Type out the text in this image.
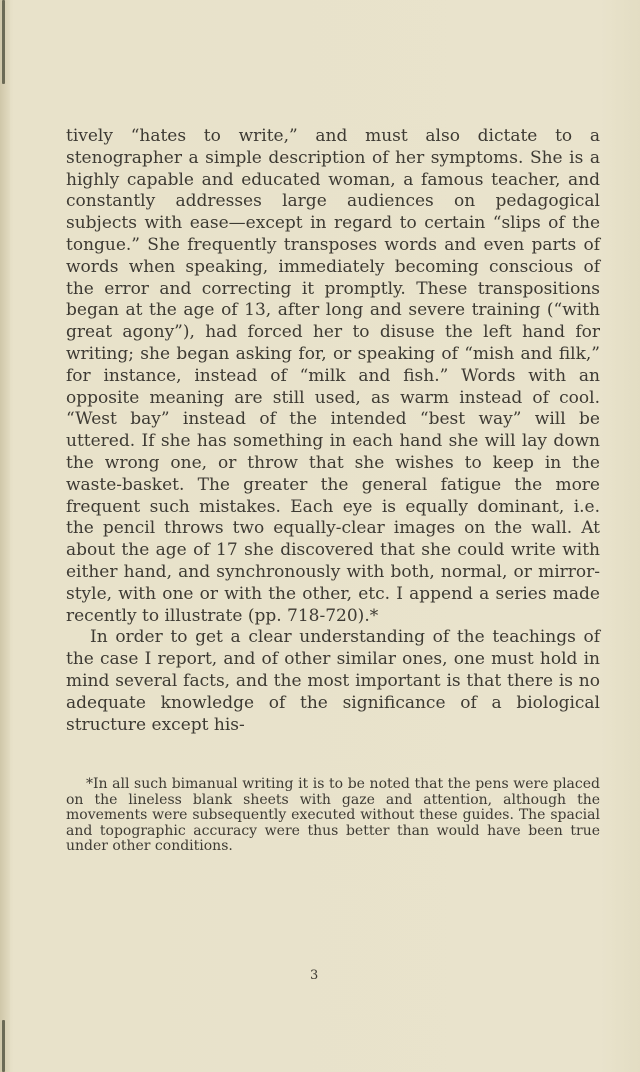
tively “hates to write,” and must also dictate to a stenographer a simple description of her symptoms. She is a highly capable and educated woman, a famous teacher, and constantly addresses large audiences on pedagogical subjects with ease—except in regard to certain “slips of the tongue.” She frequently transposes words and even parts of words when speaking, immediately becoming conscious of the error and correcting it promptly. These transpositions began at the age of 13, after long and severe training (“with great agony”), had forced her to disuse the left hand for writing; she began asking for, or speaking of “mish and filk,” for instance, instead of “milk and fish.” Words with an opposite meaning are still used, as warm instead of cool. “West bay” instead of the intended “best way” will be uttered. If she has something in each hand she will lay down the wrong one, or throw that she wishes to keep in the waste-basket. The greater the general fatigue the more frequent such mistakes. Each eye is equally dominant, i.e. the pencil throws two equally-clear images on the wall. At about the age of 17 she discovered that she could write with either hand, and synchronously with both, normal, or mirror-style, with one or with the other, etc. I append a series made recently to illustrate (pp. 718-720).*

In order to get a clear understanding of the teachings of the case I report, and of other similar ones, one must hold in mind several facts, and the most important is that there is no adequate knowledge of the significance of a biological structure except his-

*In all such bimanual writing it is to be noted that the pens were placed on the lineless blank sheets with gaze and attention, although the movements were subsequently executed without these guides. The spacial and topographic accuracy were thus better than would have been true under other conditions.
3
